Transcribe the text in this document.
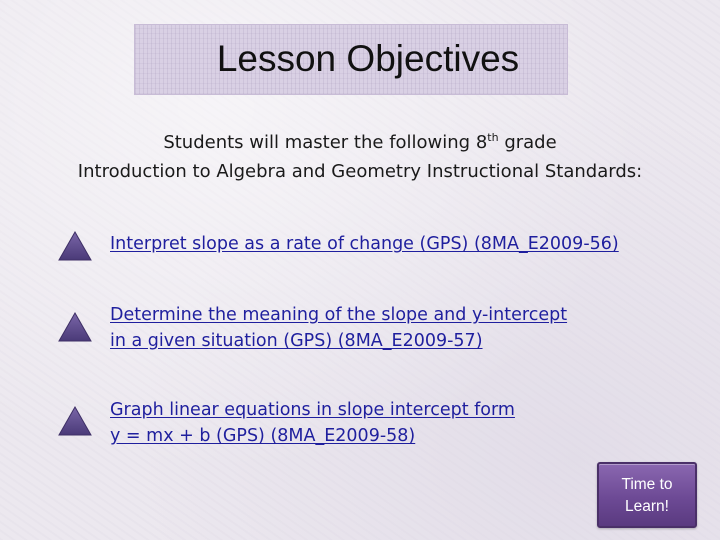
Lesson Objectives
Students will master the following 8th grade
Introduction to Algebra and Geometry Instructional Standards:
Interpret slope as a rate of change (GPS) (8MA_E2009-56)
Determine the meaning of the slope and y-intercept
in a given situation (GPS) (8MA_E2009-57)
Graph linear equations in slope intercept form
y = mx + b (GPS) (8MA_E2009-58)
Time to
Learn!
